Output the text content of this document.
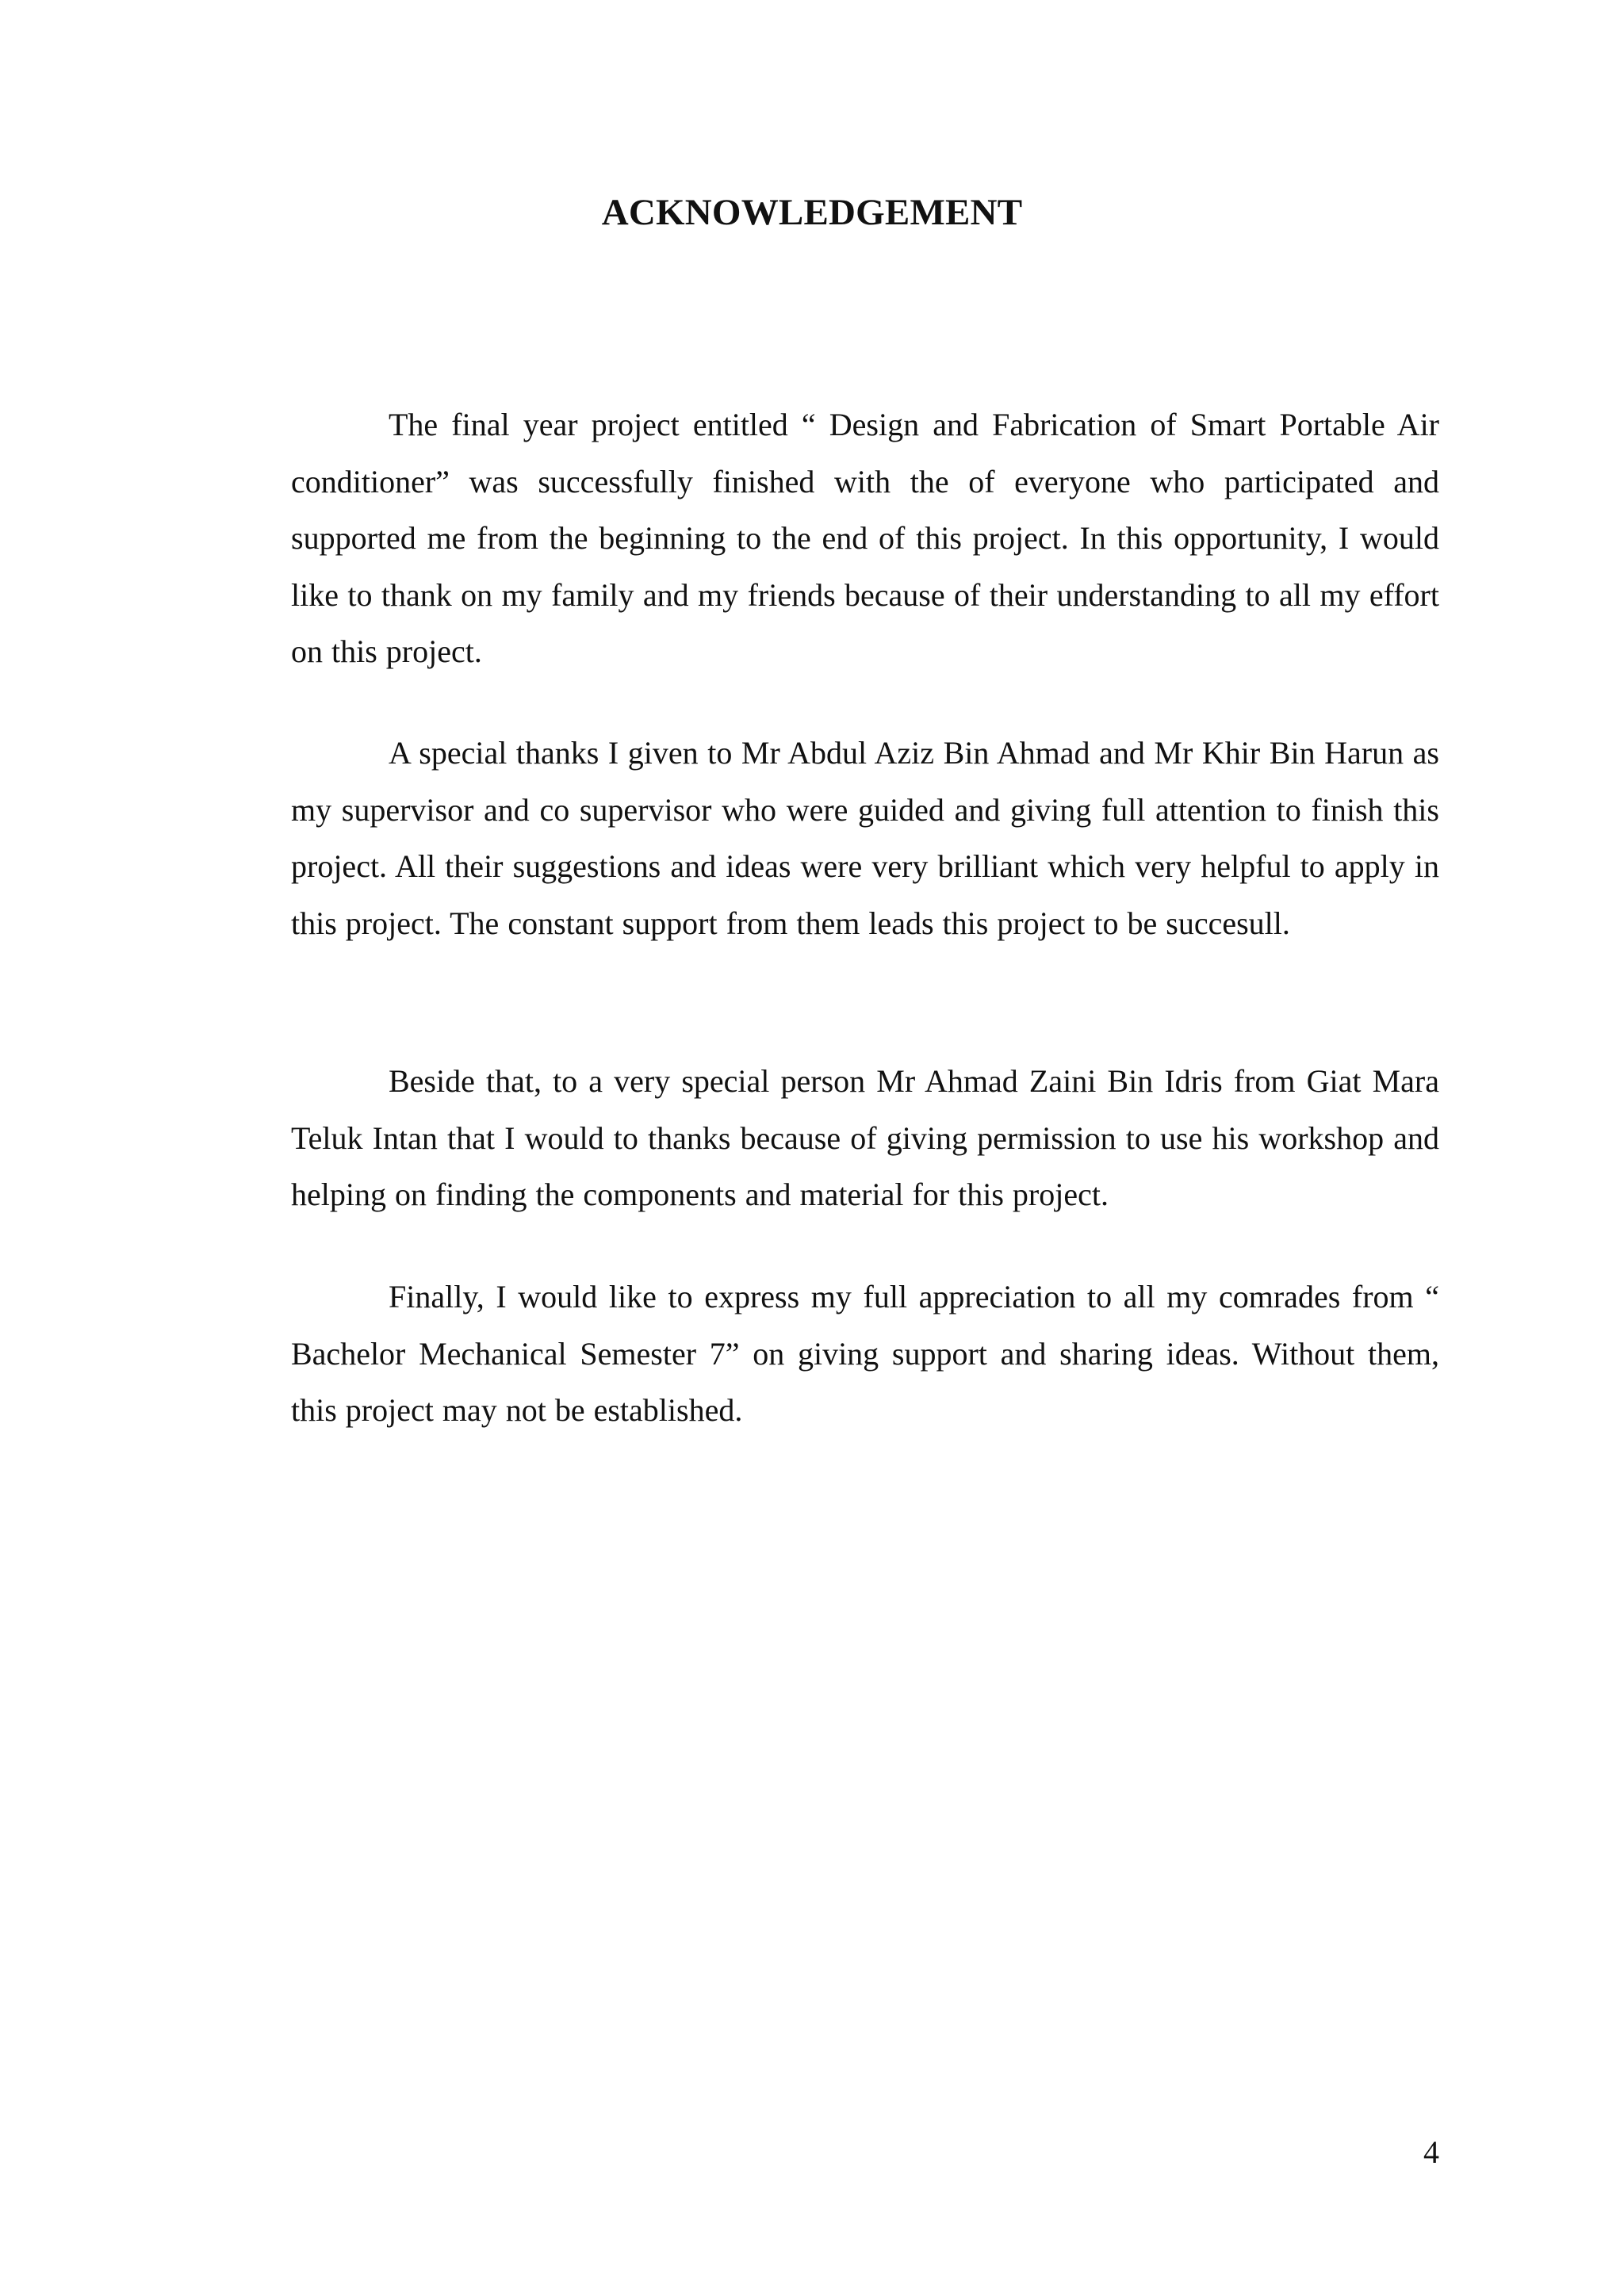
ACKNOWLEDGEMENT

The final year project entitled “ Design and Fabrication of Smart Portable Air conditioner” was successfully finished with the of everyone who participated and supported me from the beginning to the end of this project. In this opportunity, I would like to thank on my family and my friends because of their understanding to all my effort on this project.

A special thanks I given to Mr Abdul Aziz Bin Ahmad and Mr Khir Bin Harun as my supervisor and co supervisor who were guided and giving full attention to finish this project. All their suggestions and ideas were very brilliant which very helpful to apply in this project. The constant support from them leads this project to be succesull.

Beside that, to a very special person Mr Ahmad Zaini Bin Idris from Giat Mara Teluk Intan that I would to thanks because of giving permission to use his workshop and helping on finding the components and material for this project.

Finally, I would like to express my full appreciation to all my comrades from “ Bachelor Mechanical Semester 7” on giving support and sharing ideas. Without them, this project may not be established.

4
